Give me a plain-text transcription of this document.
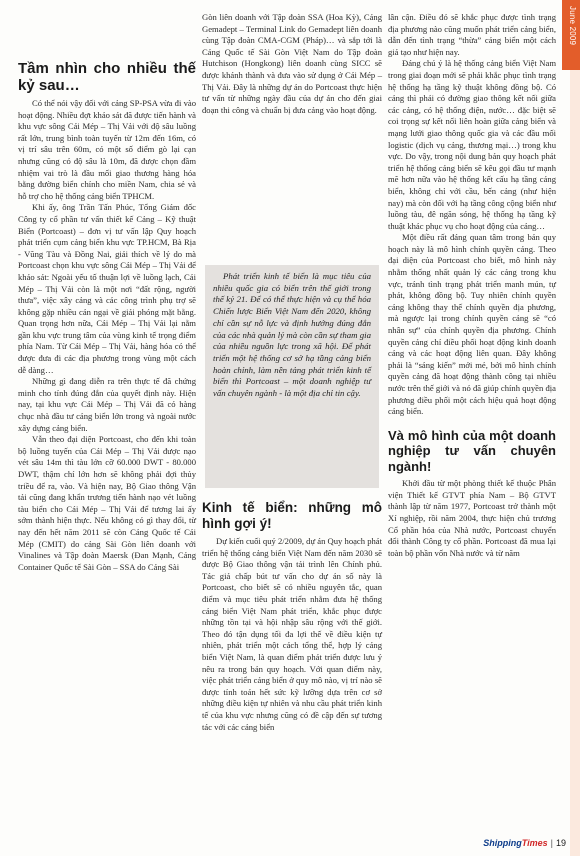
June 2009
Tầm nhìn cho nhiều thế kỷ sau…

Có thể nói vậy đối với cảng SP-PSA vừa đi vào hoạt động. Nhiều đợt khảo sát đã được tiến hành và khu vực sông Cái Mép – Thị Vải với độ sâu luồng rất lớn, trung bình toàn tuyến từ 12m đến 16m, có vị trí sâu trên 60m, có một số điểm gò lại cạn nhưng cũng có độ sâu là 10m, đã được chọn đầm nhiệm vai trò là đầu mối giao thương hàng hóa bằng đường biển chính cho miền Nam, chia sẻ và hỗ trợ cho hệ thống cảng biển TPHCM.

Khi ấy, ông Trần Tấn Phúc, Tổng Giám đốc Công ty cổ phần tư vấn thiết kế Cảng – Kỹ thuật Biển (Portcoast) – đơn vị tư vấn lập Quy hoạch phát triển cụm cảng biển khu vực TP.HCM, Bà Rịa - Vũng Tàu và Đồng Nai, giải thích về lý do mà Portcoast chọn khu vực sông Cái Mép – Thị Vải để khảo sát: Ngoài yếu tố thuận lợi về luồng lạch, Cái Mép – Thị Vải còn là một nơi “đất rộng, người thưa”, việc xây cảng và các công trình phụ trợ sẽ không gặp nhiều cản ngại về giải phóng mặt bằng. Quan trọng hơn nữa, Cái Mép – Thị Vải lại nằm gần khu vực trung tâm của vùng kinh tế trọng điểm phía Nam. Từ Cái Mép – Thị Vải, hàng hóa có thể được đưa đi các địa phương trong vùng một cách dễ dàng…

Những gì đang diễn ra trên thực tế đã chứng minh cho tính đúng đắn của quyết định này. Hiện nay, tại khu vực Cái Mép – Thị Vải đã có hàng chục nhà đầu tư cảng biển lớn trong và ngoài nước xây dựng cảng biển.

Vẫn theo đại diện Portcoast, cho đến khi toàn bộ luồng tuyến của Cái Mép – Thị Vải được nạo vét sâu 14m thì tàu lớn cỡ 60.000 DWT - 80.000 DWT, thậm chí lớn hơn sẽ không phải đợi thủy triều để ra, vào. Và hiện nay, Bộ Giao thông Vận tải cũng đang khẩn trương tiến hành nạo vét luồng tàu biển cho Cái Mép – Thị Vải để tương lai ấy sớm thành hiện thực. Nếu không có gì thay đổi, từ nay đến hết năm 2011 sẽ còn Cảng Quốc tế Cái Mép (CMIT) do cảng Sài Gòn liên doanh với Vinalines và Tập đoàn Maersk (Đan Mạnh, Cảng Container Quốc tế Sài Gòn – SSA do Cảng Sài

Gòn liên doanh với Tập đoàn SSA (Hoa Kỳ), Cảng Gemadept – Terminal Link do Gemadept liên doanh cùng Tập đoàn CMA-CGM (Pháp)… và sắp tới là Cảng Quốc tế Sài Gòn Việt Nam do Tập đoàn Hutchison (Hongkong) liên doanh cùng SICC sẽ được khánh thành và đưa vào sử dụng ở Cái Mép – Thị Vải. Đây là những dự án do Portcoast thực hiện tư vấn từ những ngày đầu của dự án cho đến giai đoạn thi công và chuẩn bị đưa cảng vào hoạt động.

Phát triển kinh tế biển là mục tiêu của nhiều quốc gia có biển trên thế giới trong thế kỷ 21. Để có thể thực hiện và cụ thể hóa Chiến lược Biển Việt Nam đến 2020, không chỉ cần sự nỗ lực và định hướng đúng đắn của các nhà quản lý mà còn cần sự tham gia của nhiều nguồn lực trong xã hội. Để phát triển một hệ thống cơ sở hạ tầng cảng biển hoàn chỉnh, làm nền tảng phát triển kinh tế biển thì Portcoast – một doanh nghiệp tư vấn chuyên ngành - là một địa chỉ tin cậy.

Kinh tế biển: những mô hình gợi ý!

Dự kiến cuối quý 2/2009, dự án Quy hoạch phát triển hệ thống cảng biển Việt Nam đến năm 2030 sẽ được Bộ Giao thông vận tải trình lên Chính phủ. Tác giả chấp bút tư vấn cho dự án số này là Portcoast, cho biết sẽ có nhiều nguyên tắc, quan điểm và mục tiêu phát triển nhằm đưa hệ thống cảng biển Việt Nam phát triển, khắc phục được những tồn tại và hội nhập sâu rộng với thế giới. Theo đó tận dụng tối đa lợi thế về điều kiện tự nhiên, phát triển một cách tổng thể, hợp lý cảng biển Việt Nam, là quan điểm phát triển được lưu ý nêu ra trong bản quy hoạch. Với quan điểm này, việc phát triển cảng biển ở quy mô nào, vị trí nào sẽ được tính toán hết sức kỹ lưỡng dựa trên cơ sở những điều kiện tự nhiên và nhu cầu phát triển kinh tế của khu vực nhưng cũng có đề cập đến sự tương tác với các cảng biển

lân cận. Điều đó sẽ khắc phục được tình trạng địa phương nào cũng muốn phát triển cảng biển, dẫn đến tình trạng “thừa” cảng biển một cách giả tạo như hiện nay.

Đáng chú ý là hệ thống cảng biển Việt Nam trong giai đoạn mới sẽ phải khắc phục tình trạng hệ thống hạ tầng kỹ thuật không đồng bộ. Có cảng thì phải có đường giao thông kết nối giữa các cảng, có hệ thống điện, nước… đặc biệt sẽ coi trọng sự kết nối liên hoàn giữa cảng biển và mạng lưới giao thông quốc gia và các đầu mối logistic (dịch vụ cảng, thương mại…) trong khu vực. Do vậy, trong nội dung bản quy hoạch phát triển hệ thống cảng biển sẽ kêu gọi đầu tư mạnh mẽ hơn nữa vào hệ thống kết cấu hạ tầng cảng biển, không chỉ với cầu, bến cảng (như hiện nay) mà còn đối với hạ tầng công cộng biển như luồng tàu, đê ngăn sóng, hệ thống hạ tầng kỹ thuật khác phục vụ cho hoạt động của cảng…

Một điều rất đáng quan tâm trong bản quy hoạch này là mô hình chính quyền cảng. Theo đại diện của Portcoast cho biết, mô hình này nhằm thống nhất quản lý các cảng trong khu vực, tránh tình trạng phát triển manh mún, tự phát, không đồng bộ. Tuy nhiên chính quyền cảng không thay thế chính quyền địa phương, mà ngược lại trong chính quyền cảng sẽ “có nhân sự” của chính quyền địa phương. Chính quyền cảng chỉ điều phối hoạt động kinh doanh cảng và các hoạt động liên quan. Đây không phải là “sáng kiến” mới mẻ, bởi mô hình chính quyền cảng đã hoạt động thành công tại nhiều nước trên thế giới và nó đã giúp chính quyền địa phương điều phối một cách hiệu quả hoạt động cảng biển.

Và mô hình của một doanh nghiệp tư vấn chuyên ngành!

Khởi đầu từ một phòng thiết kế thuộc Phân viện Thiết kế GTVT phía Nam – Bộ GTVT thành lập từ năm 1977, Portcoast trở thành một Xí nghiệp, rồi năm 2004, thực hiện chủ trương Cổ phần hóa của Nhà nước, Portcoast chuyển đổi thành Công ty cổ phần. Portcoast đã mua lại toàn bộ phần vốn Nhà nước và từ năm

ShippingTimes | 19
